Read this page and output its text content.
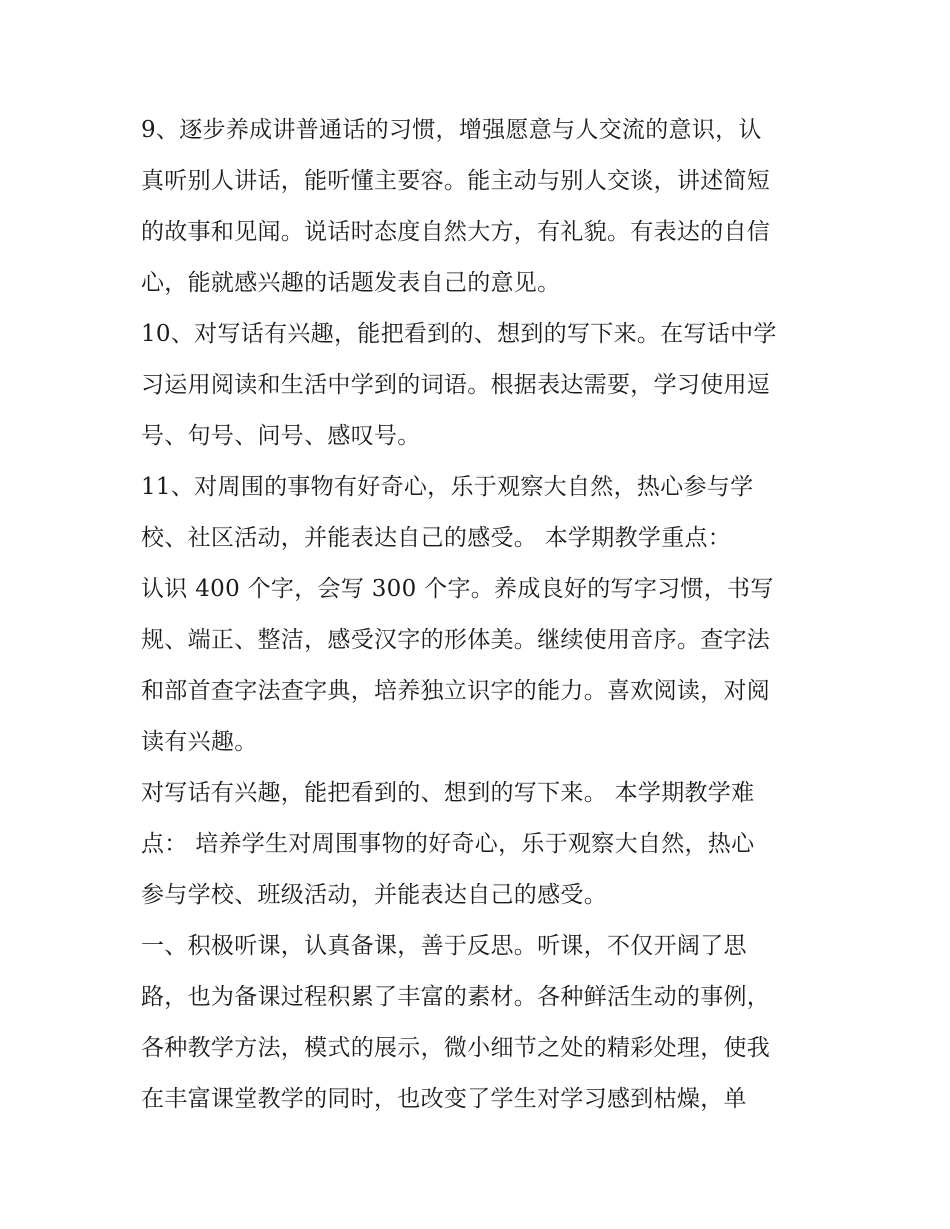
9、逐步养成讲普通话的习惯，增强愿意与人交流的意识，认
真听别人讲话，能听懂主要容。能主动与别人交谈，讲述简短
的故事和见闻。说话时态度自然大方，有礼貌。有表达的自信
心，能就感兴趣的话题发表自己的意见。
10、对写话有兴趣，能把看到的、想到的写下来。在写话中学
习运用阅读和生活中学到的词语。根据表达需要，学习使用逗
号、句号、问号、感叹号。
11、对周围的事物有好奇心，乐于观察大自然，热心参与学
校、社区活动，并能表达自己的感受。 本学期教学重点：
认识 400 个字，会写 300 个字。养成良好的写字习惯，书写
规、端正、整洁，感受汉字的形体美。继续使用音序。查字法
和部首查字法查字典，培养独立识字的能力。喜欢阅读，对阅
读有兴趣。
对写话有兴趣，能把看到的、想到的写下来。 本学期教学难
点： 培养学生对周围事物的好奇心，乐于观察大自然，热心
参与学校、班级活动，并能表达自己的感受。
一、积极听课，认真备课，善于反思。听课，不仅开阔了思
路，也为备课过程积累了丰富的素材。各种鲜活生动的事例，
各种教学方法，模式的展示，微小细节之处的精彩处理，使我
在丰富课堂教学的同时，也改变了学生对学习感到枯燥，单
